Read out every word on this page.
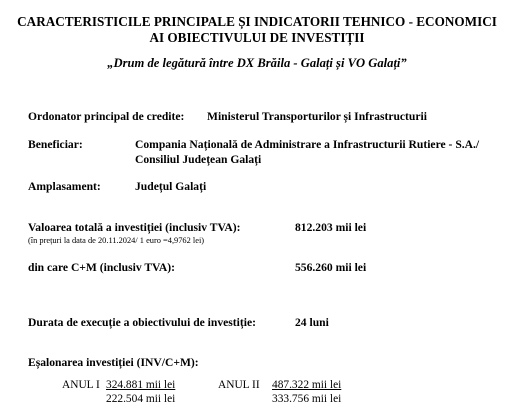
CARACTERISTICILE PRINCIPALE ȘI INDICATORII TEHNICO - ECONOMICI
AI OBIECTIVULUI DE INVESTIȚII
„Drum de legătură între DX Brăila - Galați și VO Galați”
Ordonator principal de credite: Ministerul Transporturilor și Infrastructurii
Beneficiar:	Compania Națională de Administrare a Infrastructurii Rutiere - S.A./
Consiliul Județean Galați
Amplasament:	Județul Galați
Valoarea totală a investiției (inclusiv TVA):
(în prețuri la data de 20.11.2024/ 1 euro =4,9762 lei)
812.203 mii lei
din care C+M (inclusiv TVA):	556.260 mii lei
Durata de execuție a obiectivului de investiție:	24 luni
Eșalonarea investiției (INV/C+M):
ANUL I 324.881 mii lei
222.504 mii lei
ANUL II 487.322 mii lei
333.756 mii lei
